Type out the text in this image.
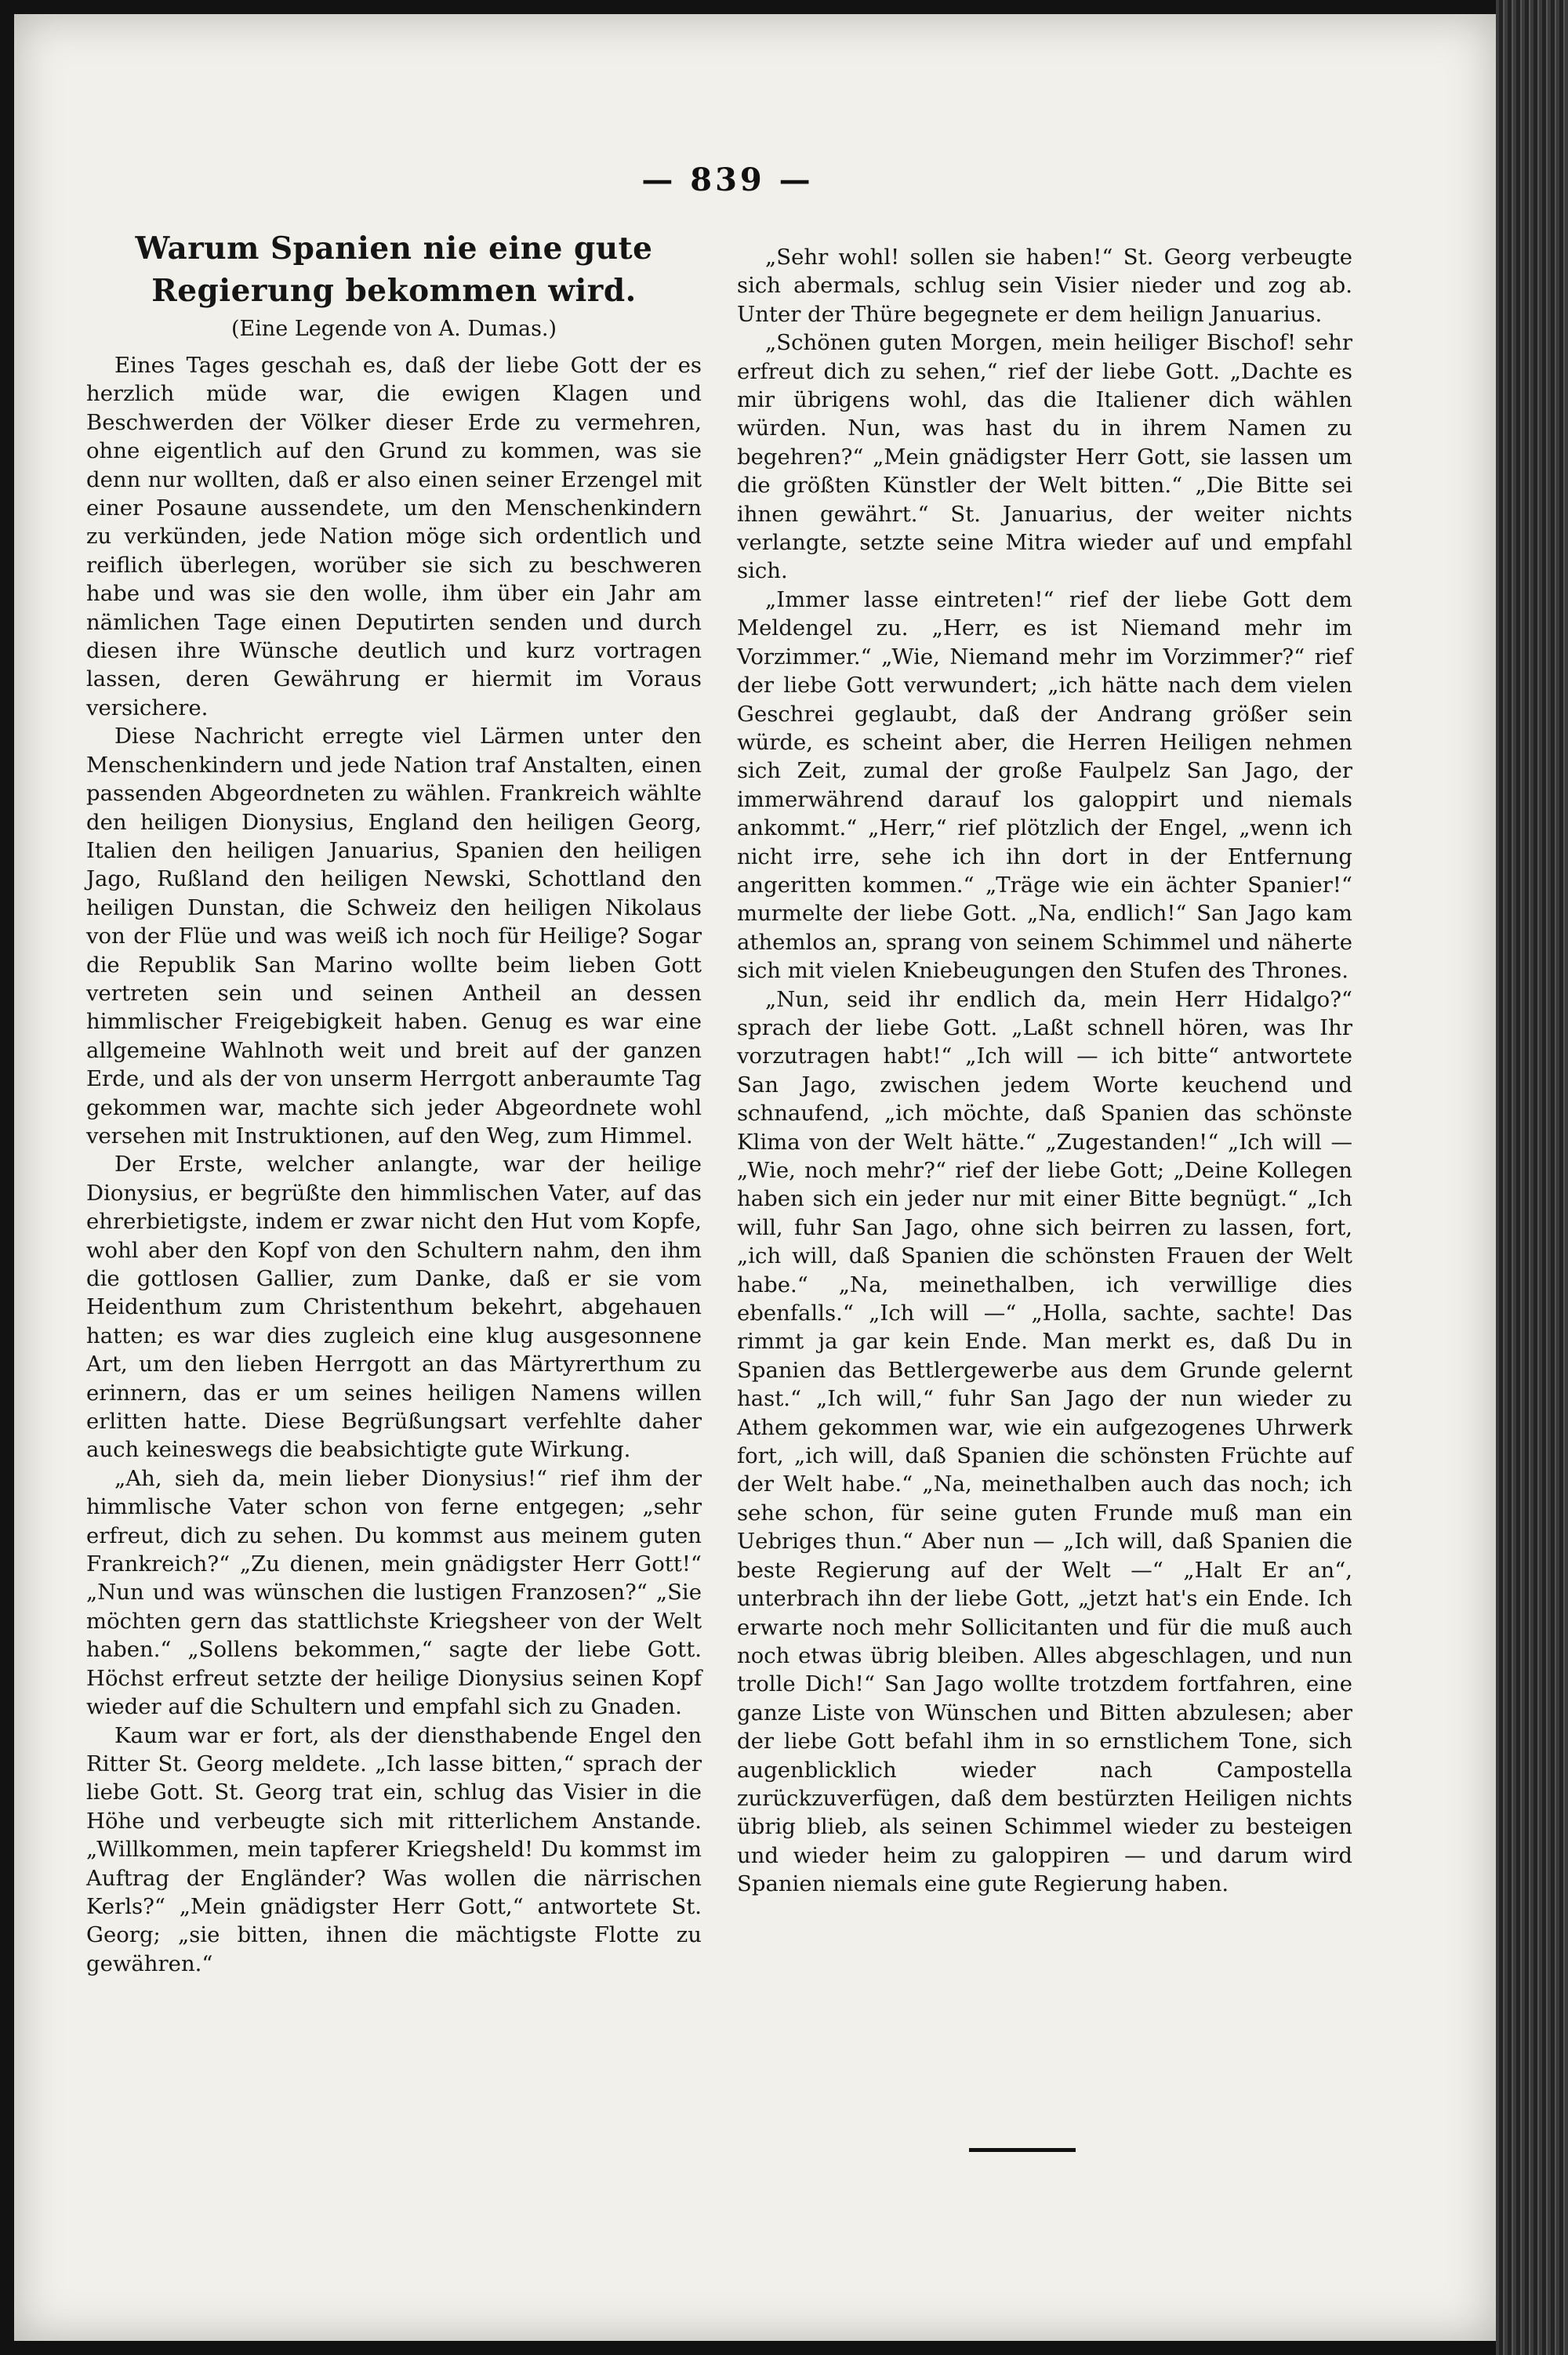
— 839 —
Warum Spanien nie eine gute
Regierung bekommen wird.
(Eine Legende von A. Dumas.)

Eines Tages geschah es, daß der liebe Gott der es herzlich müde war, die ewigen Klagen und Beschwerden der Völker dieser Erde zu vermehren, ohne eigentlich auf den Grund zu kommen, was sie denn nur wollten, daß er also einen seiner Erzengel mit einer Posaune aussendete, um den Menschenkindern zu verkünden, jede Nation möge sich ordentlich und reiflich überlegen, worüber sie sich zu beschweren habe und was sie den wolle, ihm über ein Jahr am nämlichen Tage einen Deputirten senden und durch diesen ihre Wünsche deutlich und kurz vortragen lassen, deren Gewährung er hiermit im Voraus versichere.

Diese Nachricht erregte viel Lärmen unter den Menschenkindern und jede Nation traf Anstalten, einen passenden Abgeordneten zu wählen. Frankreich wählte den heiligen Dionysius, England den heiligen Georg, Italien den heiligen Januarius, Spanien den heiligen Jago, Rußland den heiligen Newski, Schottland den heiligen Dunstan, die Schweiz den heiligen Nikolaus von der Flüe und was weiß ich noch für Heilige? Sogar die Republik San Marino wollte beim lieben Gott vertreten sein und seinen Antheil an dessen himmlischer Freigebigkeit haben. Genug es war eine allgemeine Wahlnoth weit und breit auf der ganzen Erde, und als der von unserm Herrgott anberaumte Tag gekommen war, machte sich jeder Abgeordnete wohl versehen mit Instruktionen, auf den Weg, zum Himmel.

Der Erste, welcher anlangte, war der heilige Dionysius, er begrüßte den himmlischen Vater, auf das ehrerbietigste, indem er zwar nicht den Hut vom Kopfe, wohl aber den Kopf von den Schultern nahm, den ihm die gottlosen Gallier, zum Danke, daß er sie vom Heidenthum zum Christenthum bekehrt, abgehauen hatten; es war dies zugleich eine klug ausgesonnene Art, um den lieben Herrgott an das Märtyrerthum zu erinnern, das er um seines heiligen Namens willen erlitten hatte. Diese Begrüßungsart verfehlte daher auch keineswegs die beabsichtigte gute Wirkung.

„Ah, sieh da, mein lieber Dionysius!“ rief ihm der himmlische Vater schon von ferne entgegen; „sehr erfreut, dich zu sehen. Du kommst aus meinem guten Frankreich?“ „Zu dienen, mein gnädigster Herr Gott!“ „Nun und was wünschen die lustigen Franzosen?“ „Sie möchten gern das stattlichste Kriegsheer von der Welt haben.“ „Sollens bekommen,“ sagte der liebe Gott. Höchst erfreut setzte der heilige Dionysius seinen Kopf wieder auf die Schultern und empfahl sich zu Gnaden.

Kaum war er fort, als der diensthabende Engel den Ritter St. Georg meldete. „Ich lasse bitten,“ sprach der liebe Gott. St. Georg trat ein, schlug das Visier in die Höhe und verbeugte sich mit ritterlichem Anstande. „Willkommen, mein tapferer Kriegsheld! Du kommst im Auftrag der Engländer? Was wollen die närrischen Kerls?“ „Mein gnädigster Herr Gott,“ antwortete St. Georg; „sie bitten, ihnen die mächtigste Flotte zu gewähren.“

„Sehr wohl! sollen sie haben!“ St. Georg verbeugte sich abermals, schlug sein Visier nieder und zog ab. Unter der Thüre begegnete er dem heilign Januarius.

„Schönen guten Morgen, mein heiliger Bischof! sehr erfreut dich zu sehen,“ rief der liebe Gott. „Dachte es mir übrigens wohl, das die Italiener dich wählen würden. Nun, was hast du in ihrem Namen zu begehren?“ „Mein gnädigster Herr Gott, sie lassen um die größten Künstler der Welt bitten.“ „Die Bitte sei ihnen gewährt.“ St. Januarius, der weiter nichts verlangte, setzte seine Mitra wieder auf und empfahl sich.

„Immer lasse eintreten!“ rief der liebe Gott dem Meldengel zu. „Herr, es ist Niemand mehr im Vorzimmer.“ „Wie, Niemand mehr im Vorzimmer?“ rief der liebe Gott verwundert; „ich hätte nach dem vielen Geschrei geglaubt, daß der Andrang größer sein würde, es scheint aber, die Herren Heiligen nehmen sich Zeit, zumal der große Faulpelz San Jago, der immerwährend darauf los galoppirt und niemals ankommt.“ „Herr,“ rief plötzlich der Engel, „wenn ich nicht irre, sehe ich ihn dort in der Entfernung angeritten kommen.“ „Träge wie ein ächter Spanier!“ murmelte der liebe Gott. „Na, endlich!“ San Jago kam athemlos an, sprang von seinem Schimmel und näherte sich mit vielen Kniebeugungen den Stufen des Thrones.

„Nun, seid ihr endlich da, mein Herr Hidalgo?“ sprach der liebe Gott. „Laßt schnell hören, was Ihr vorzutragen habt!“ „Ich will — ich bitte“ antwortete San Jago, zwischen jedem Worte keuchend und schnaufend, „ich möchte, daß Spanien das schönste Klima von der Welt hätte.“ „Zugestanden!“ „Ich will — „Wie, noch mehr?“ rief der liebe Gott; „Deine Kollegen haben sich ein jeder nur mit einer Bitte begnügt.“ „Ich will, fuhr San Jago, ohne sich beirren zu lassen, fort, „ich will, daß Spanien die schönsten Frauen der Welt habe.“ „Na, meinethalben, ich verwillige dies ebenfalls.“ „Ich will —“ „Holla, sachte, sachte! Das rimmt ja gar kein Ende. Man merkt es, daß Du in Spanien das Bettlergewerbe aus dem Grunde gelernt hast.“ „Ich will,“ fuhr San Jago der nun wieder zu Athem gekommen war, wie ein aufgezogenes Uhrwerk fort, „ich will, daß Spanien die schönsten Früchte auf der Welt habe.“ „Na, meinethalben auch das noch; ich sehe schon, für seine guten Frunde muß man ein Uebriges thun.“ Aber nun — „Ich will, daß Spanien die beste Regierung auf der Welt —“ „Halt Er an“, unterbrach ihn der liebe Gott, „jetzt hat's ein Ende. Ich erwarte noch mehr Sollicitanten und für die muß auch noch etwas übrig bleiben. Alles abgeschlagen, und nun trolle Dich!“ San Jago wollte trotzdem fortfahren, eine ganze Liste von Wünschen und Bitten abzulesen; aber der liebe Gott befahl ihm in so ernstlichem Tone, sich augenblicklich wieder nach Campostella zurückzuverfügen, daß dem bestürzten Heiligen nichts übrig blieb, als seinen Schimmel wieder zu besteigen und wieder heim zu galoppiren — und darum wird Spanien niemals eine gute Regierung haben.
